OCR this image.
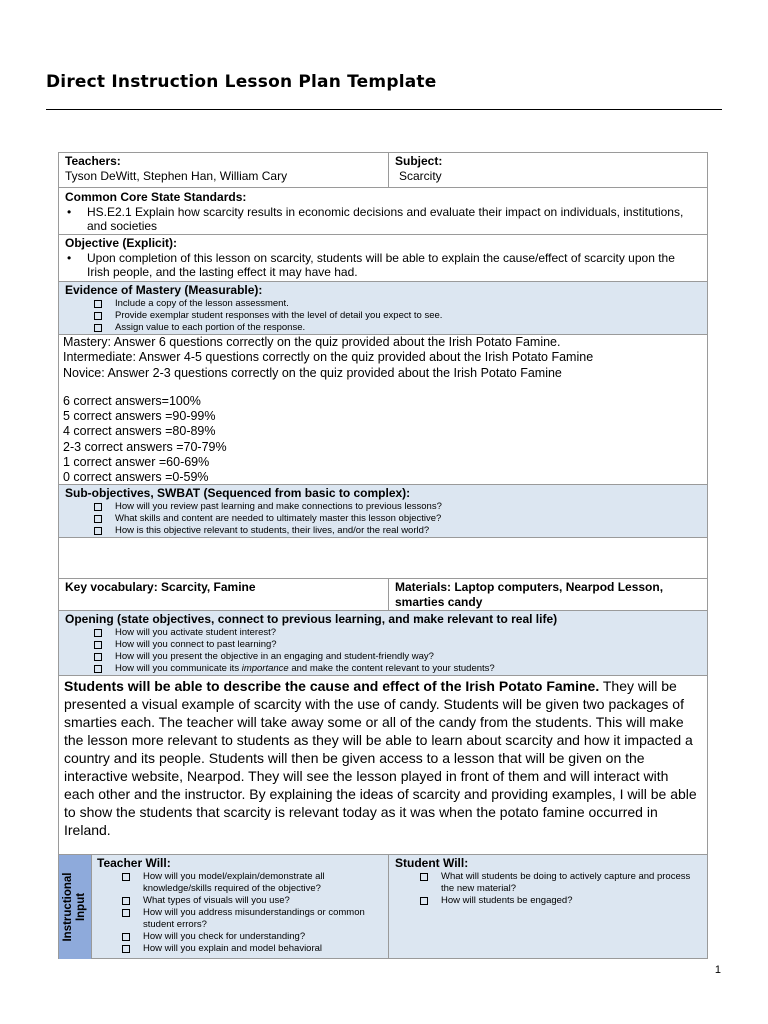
Direct Instruction Lesson Plan Template
Teachers:
Tyson DeWitt, Stephen Han, William Cary
Subject:
Scarcity
Common Core State Standards:
• HS.E2.1 Explain how scarcity results in economic decisions and evaluate their impact on individuals, institutions, and societies
Objective (Explicit):
• Upon completion of this lesson on scarcity, students will be able to explain the cause/effect of scarcity upon the Irish people, and the lasting effect it may have had.
Evidence of Mastery (Measurable):
Include a copy of the lesson assessment.
Provide exemplar student responses with the level of detail you expect to see.
Assign value to each portion of the response.
Mastery: Answer 6 questions correctly on the quiz provided about the Irish Potato Famine.
Intermediate: Answer 4-5 questions correctly on the quiz provided about the Irish Potato Famine
Novice: Answer 2-3 questions correctly on the quiz provided about the Irish Potato Famine
6 correct answers=100%
5 correct answers =90-99%
4 correct answers =80-89%
2-3 correct answers =70-79%
1 correct answer =60-69%
0 correct answers =0-59%
Sub-objectives, SWBAT (Sequenced from basic to complex):
How will you review past learning and make connections to previous lessons?
What skills and content are needed to ultimately master this lesson objective?
How is this objective relevant to students, their lives, and/or the real world?
Key vocabulary: Scarcity, Famine	Materials: Laptop computers, Nearpod Lesson, smarties candy
Opening (state objectives, connect to previous learning, and make relevant to real life)
How will you activate student interest?
How will you connect to past learning?
How will you present the objective in an engaging and student-friendly way?
How will you communicate its importance and make the content relevant to your students?
Students will be able to describe the cause and effect of the Irish Potato Famine. They will be presented a visual example of scarcity with the use of candy. Students will be given two packages of smarties each. The teacher will take away some or all of the candy from the students. This will make the lesson more relevant to students as they will be able to learn about scarcity and how it impacted a country and its people. Students will then be given access to a lesson that will be given on the interactive website, Nearpod. They will see the lesson played in front of them and will interact with each other and the instructor. By explaining the ideas of scarcity and providing examples, I will be able to show the students that scarcity is relevant today as it was when the potato famine occurred in Ireland.
Instructional Input
Teacher Will:
How will you model/explain/demonstrate all knowledge/skills required of the objective?
What types of visuals will you use?
How will you address misunderstandings or common student errors?
How will you check for understanding?
How will you explain and model behavioral
Student Will:
What will students be doing to actively capture and process the new material?
How will students be engaged?
1
